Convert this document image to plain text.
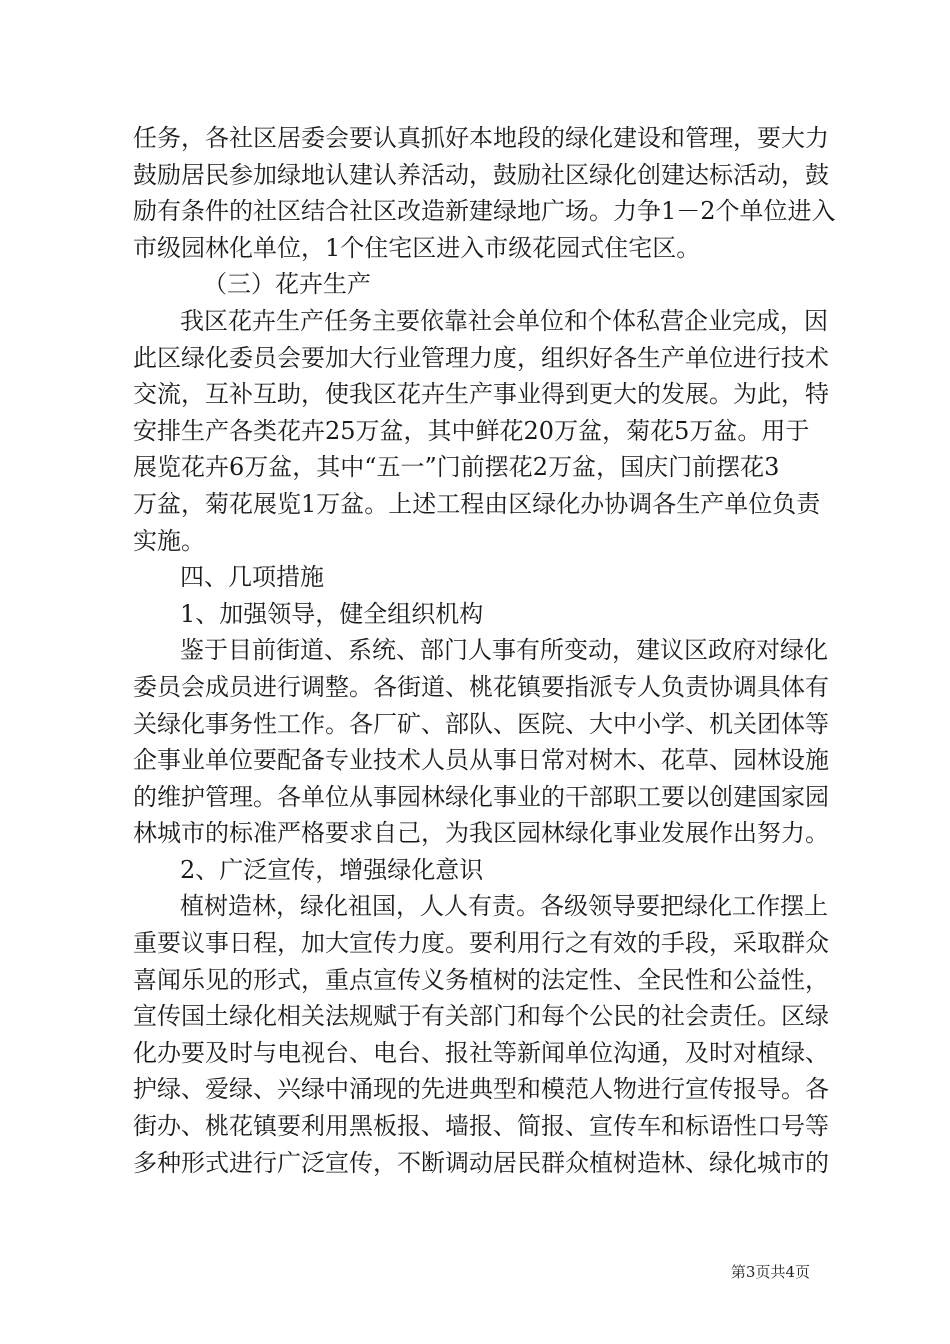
任务，各社区居委会要认真抓好本地段的绿化建设和管理，要大力
鼓励居民参加绿地认建认养活动，鼓励社区绿化创建达标活动，鼓
励有条件的社区结合社区改造新建绿地广场。力争1－2个单位进入
市级园林化单位，1个住宅区进入市级花园式住宅区。
（三）花卉生产
我区花卉生产任务主要依靠社会单位和个体私营企业完成，因
此区绿化委员会要加大行业管理力度，组织好各生产单位进行技术
交流，互补互助，使我区花卉生产事业得到更大的发展。为此，特
安排生产各类花卉25万盆，其中鲜花20万盆，菊花5万盆。用于
展览花卉6万盆，其中“五一”门前摆花2万盆，国庆门前摆花3
万盆，菊花展览1万盆。上述工程由区绿化办协调各生产单位负责
实施。
四、几项措施
1、加强领导，健全组织机构
鉴于目前街道、系统、部门人事有所变动，建议区政府对绿化
委员会成员进行调整。各街道、桃花镇要指派专人负责协调具体有
关绿化事务性工作。各厂矿、部队、医院、大中小学、机关团体等
企事业单位要配备专业技术人员从事日常对树木、花草、园林设施
的维护管理。各单位从事园林绿化事业的干部职工要以创建国家园
林城市的标准严格要求自己，为我区园林绿化事业发展作出努力。
2、广泛宣传，增强绿化意识
植树造林，绿化祖国，人人有责。各级领导要把绿化工作摆上
重要议事日程，加大宣传力度。要利用行之有效的手段，采取群众
喜闻乐见的形式，重点宣传义务植树的法定性、全民性和公益性，
宣传国土绿化相关法规赋于有关部门和每个公民的社会责任。区绿
化办要及时与电视台、电台、报社等新闻单位沟通，及时对植绿、
护绿、爱绿、兴绿中涌现的先进典型和模范人物进行宣传报导。各
街办、桃花镇要利用黑板报、墙报、简报、宣传车和标语性口号等
多种形式进行广泛宣传，不断调动居民群众植树造林、绿化城市的
第3页共4页
